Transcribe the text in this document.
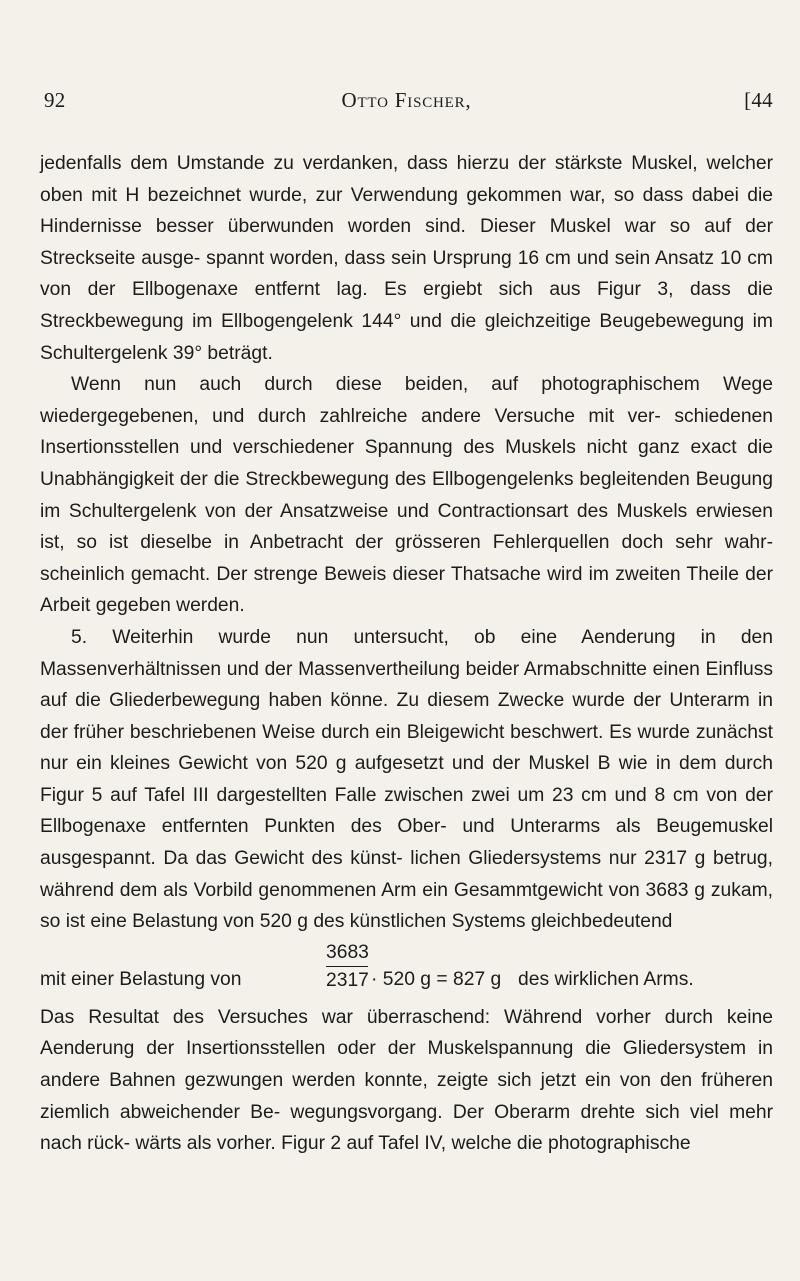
92	Otto Fischer,	[44

jedenfalls dem Umstande zu verdanken, dass hierzu der stärkste Muskel, welcher oben mit H bezeichnet wurde, zur Verwendung gekommen war, so dass dabei die Hindernisse besser überwunden worden sind. Dieser Muskel war so auf der Streckseite ausge- spannt worden, dass sein Ursprung 16 cm und sein Ansatz 10 cm von der Ellbogenaxe entfernt lag. Es ergiebt sich aus Figur 3, dass die Streckbewegung im Ellbogengelenk 144° und die gleichzeitige Beugebewegung im Schultergelenk 39° beträgt.

Wenn nun auch durch diese beiden, auf photographischem Wege wiedergegebenen, und durch zahlreiche andere Versuche mit ver- schiedenen Insertionsstellen und verschiedener Spannung des Muskels nicht ganz exact die Unabhängigkeit der die Streckbewegung des Ellbogengelenks begleitenden Beugung im Schultergelenk von der Ansatzweise und Contractionsart des Muskels erwiesen ist, so ist dieselbe in Anbetracht der grösseren Fehlerquellen doch sehr wahr- scheinlich gemacht. Der strenge Beweis dieser Thatsache wird im zweiten Theile der Arbeit gegeben werden.

5. Weiterhin wurde nun untersucht, ob eine Aenderung in den Massenverhältnissen und der Massenvertheilung beider Armabschnitte einen Einfluss auf die Gliederbewegung haben könne. Zu diesem Zwecke wurde der Unterarm in der früher beschriebenen Weise durch ein Bleigewicht beschwert. Es wurde zunächst nur ein kleines Gewicht von 520 g aufgesetzt und der Muskel B wie in dem durch Figur 5 auf Tafel III dargestellten Falle zwischen zwei um 23 cm und 8 cm von der Ellbogenaxe entfernten Punkten des Ober- und Unterarms als Beugemuskel ausgespannt. Da das Gewicht des künst- lichen Gliedersystems nur 2317 g betrug, während dem als Vorbild genommenen Arm ein Gesammtgewicht von 3683 g zukam, so ist eine Belastung von 520 g des künstlichen Systems gleichbedeutend

mit einer Belastung von	$\frac{3683}{2317} \cdot 520$ g = 827 g des wirklichen Arms.

Das Resultat des Versuches war überraschend: Während vorher durch keine Aenderung der Insertionsstellen oder der Muskelspannung die Gliedersystem in andere Bahnen gezwungen werden konnte, zeigte sich jetzt ein von den früheren ziemlich abweichender Be- wegungsvorgang. Der Oberarm drehte sich viel mehr nach rück- wärts als vorher. Figur 2 auf Tafel IV, welche die photographische
